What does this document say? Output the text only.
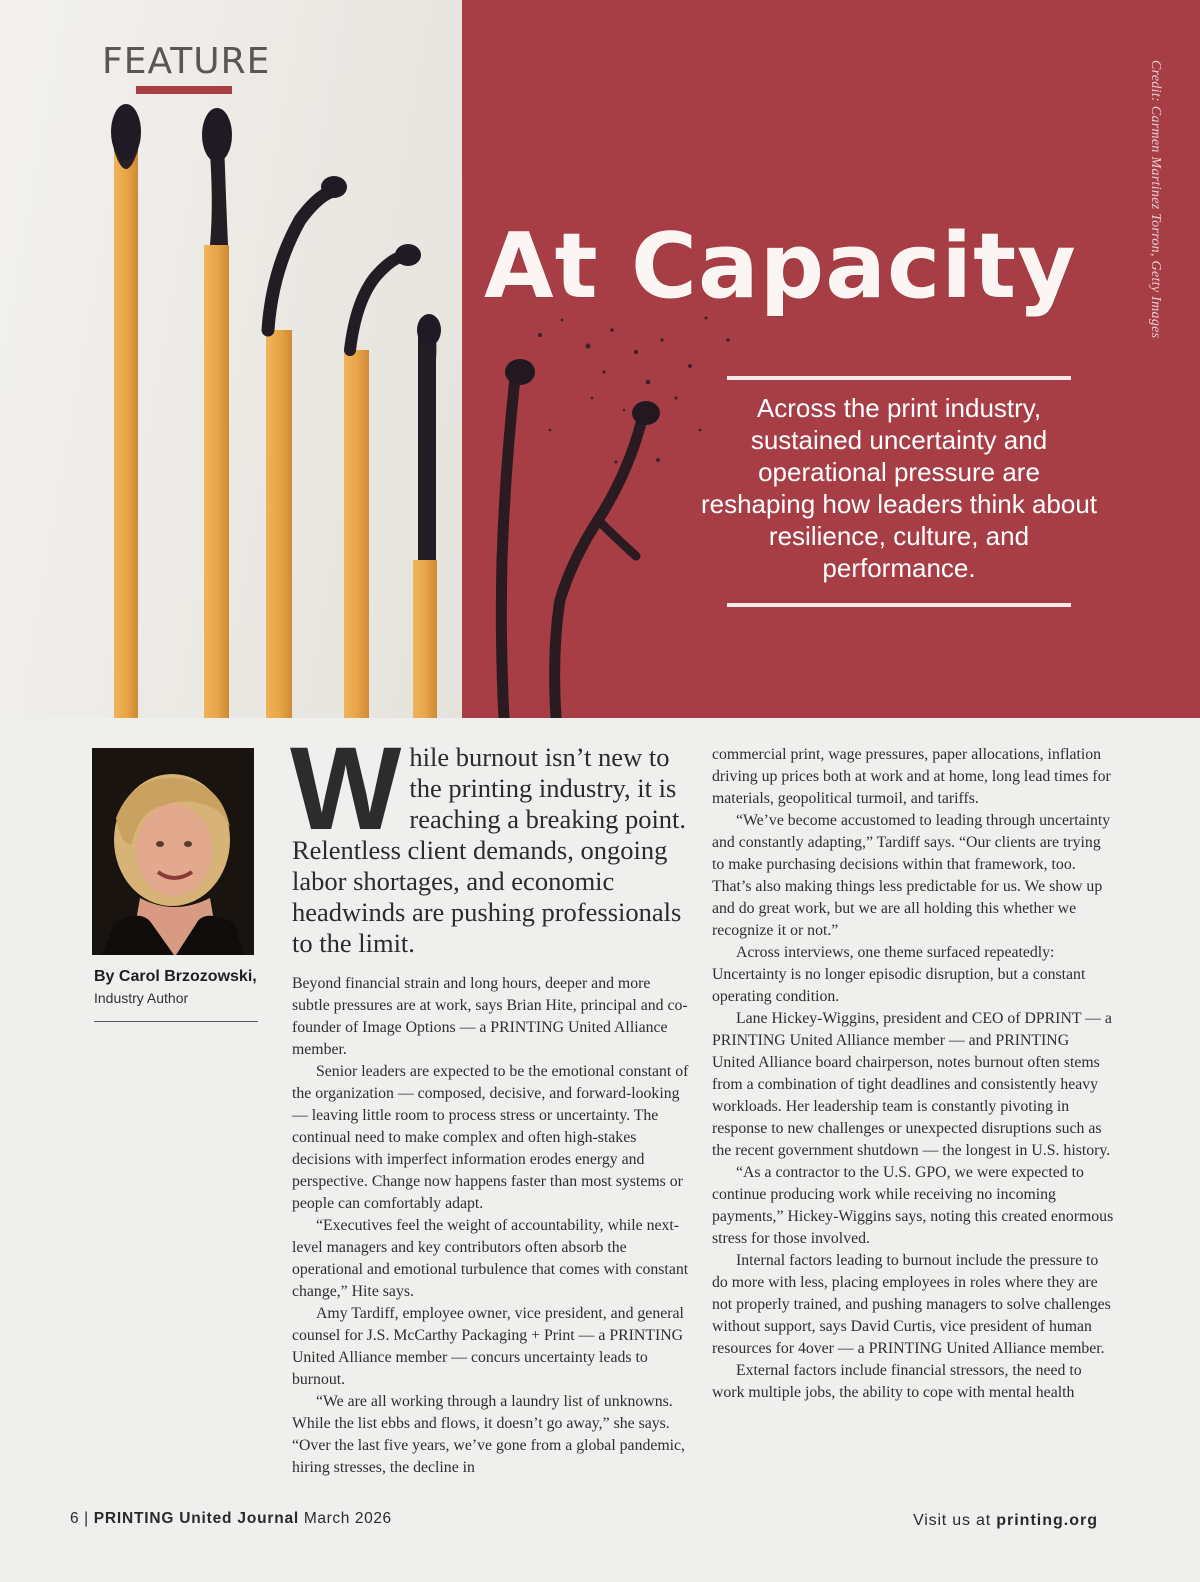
FEATURE
At Capacity	Credit: Carmen Martinez Torron, Getty Images

Across the print industry, sustained uncertainty and operational pressure are reshaping how leaders think about resilience, culture, and performance.

By Carol Brzozowski,

Industry Author

W hile burnout isn’t new to the printing industry, it is reaching a breaking point. Relentless client demands, ongoing labor shortages, and economic headwinds are pushing professionals to the limit.

Beyond financial strain and long hours, deeper and more subtle pressures are at work, says Brian Hite, principal and co-founder of Image Options — a PRINTING United Alliance member.

Senior leaders are expected to be the emotional constant of the organization — composed, decisive, and forward-looking — leaving little room to process stress or uncertainty. The continual need to make complex and often high-stakes decisions with imperfect information erodes energy and perspective. Change now happens faster than most systems or people can comfortably adapt.

“Executives feel the weight of accountability, while next-level managers and key contributors often absorb the operational and emotional turbulence that comes with constant change,” Hite says.

Amy Tardiff, employee owner, vice president, and general counsel for J.S. McCarthy Packaging + Print — a PRINTING United Alliance member — concurs uncertainty leads to burnout.

“We are all working through a laundry list of unknowns. While the list ebbs and flows, it doesn’t go away,” she says. “Over the last five years, we’ve gone from a global pandemic, hiring stresses, the decline in

commercial print, wage pressures, paper allocations, inflation driving up prices both at work and at home, long lead times for materials, geopolitical turmoil, and tariffs.

“We’ve become accustomed to leading through uncertainty and constantly adapting,” Tardiff says. “Our clients are trying to make purchasing decisions within that framework, too. That’s also making things less predictable for us. We show up and do great work, but we are all holding this whether we recognize it or not.”

Across interviews, one theme surfaced repeatedly: Uncertainty is no longer episodic disruption, but a constant operating condition.

Lane Hickey-Wiggins, president and CEO of DPRINT — a PRINTING United Alliance member — and PRINTING United Alliance board chairperson, notes burnout often stems from a combination of tight deadlines and consistently heavy workloads. Her leadership team is constantly pivoting in response to new challenges or unexpected disruptions such as the recent government shutdown — the longest in U.S. history.

“As a contractor to the U.S. GPO, we were expected to continue producing work while receiving no incoming payments,” Hickey-Wiggins says, noting this created enormous stress for those involved.

Internal factors leading to burnout include the pressure to do more with less, placing employees in roles where they are not properly trained, and pushing managers to solve challenges without support, says David Curtis, vice president of human resources for 4over — a PRINTING United Alliance member.

External factors include financial stressors, the need to work multiple jobs, the ability to cope with mental health

6 | PRINTING United Journal March 2026	Visit us at printing.org
